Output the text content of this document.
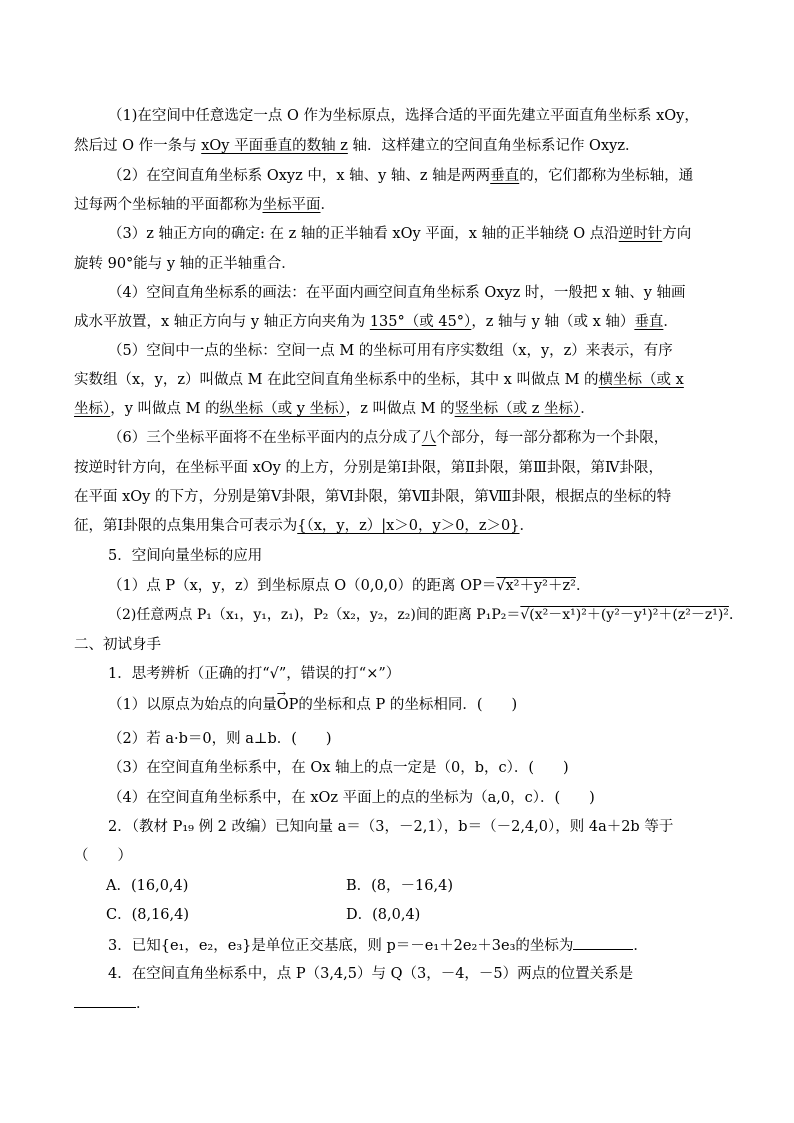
（1)在空间中任意选定一点 O 作为坐标原点，选择合适的平面先建立平面直角坐标系 xOy，
然后过 O 作一条与 xOy 平面垂直的数轴 z 轴．这样建立的空间直角坐标系记作 Oxyz．
（2）在空间直角坐标系 Oxyz 中，x 轴、y 轴、z 轴是两两垂直的，它们都称为坐标轴，通
过每两个坐标轴的平面都称为坐标平面．
（3）z 轴正方向的确定: 在 z 轴的正半轴看 xOy 平面，x 轴的正半轴绕 O 点沿逆时针方向
旋转 90°能与 y 轴的正半轴重合．
（4）空间直角坐标系的画法：在平面内画空间直角坐标系 Oxyz 时，一般把 x 轴、y 轴画
成水平放置，x 轴正方向与 y 轴正方向夹角为 135°（或 45°），z 轴与 y 轴（或 x 轴）垂直．
（5）空间中一点的坐标：空间一点 M 的坐标可用有序实数组（x，y，z）来表示，有序
实数组（x，y，z）叫做点 M 在此空间直角坐标系中的坐标，其中 x 叫做点 M 的横坐标（或 x
坐标），y 叫做点 M 的纵坐标（或 y 坐标），z 叫做点 M 的竖坐标（或 z 坐标）．
（6）三个坐标平面将不在坐标平面内的点分成了八个部分，每一部分都称为一个卦限，
按逆时针方向，在坐标平面 xOy 的上方，分别是第Ⅰ卦限，第Ⅱ卦限，第Ⅲ卦限，第Ⅳ卦限，
在平面 xOy 的下方，分别是第Ⅴ卦限，第Ⅵ卦限，第Ⅶ卦限，第Ⅷ卦限，根据点的坐标的特
征，第Ⅰ卦限的点集用集合可表示为{（x，y，z）|x＞0，y＞0，z＞0}．
5．空间向量坐标的应用
（1）点 P（x，y，z）到坐标原点 O（0,0,0）的距离 OP＝√x²＋y²＋z²．
（2)任意两点 P₁（x₁，y₁，z₁)，P₂（x₂，y₂，z₂)间的距离 P₁P₂＝√(x²－x¹)²＋(y²－y¹)²＋(z²－z¹)²．
二、初试身手
1．思考辨析（正确的打“√”，错误的打“×”）
（1）以原点为始点的向量→ OP的坐标和点 P 的坐标相同．(　　)
（2）若 a·b＝0，则 a⊥b．(　　)
（3）在空间直角坐标系中，在 Ox 轴上的点一定是（0，b，c）．(　　)
（4）在空间直角坐标系中，在 xOz 平面上的点的坐标为（a,0，c）．(　　)
2．（教材 P₁₉ 例 2 改编）已知向量 a＝（3，－2,1），b＝（－2,4,0），则 4a＋2b 等于
（　　）
A．(16,0,4)	B．(8，－16,4)
C．(8,16,4)	D．(8,0,4)
3．已知{e₁，e₂，e₃}是单位正交基底，则 p＝－e₁＋2e₂＋3e₃的坐标为	．
4．在空间直角坐标系中，点 P（3,4,5）与 Q（3，－4，－5）两点的位置关系是
．
